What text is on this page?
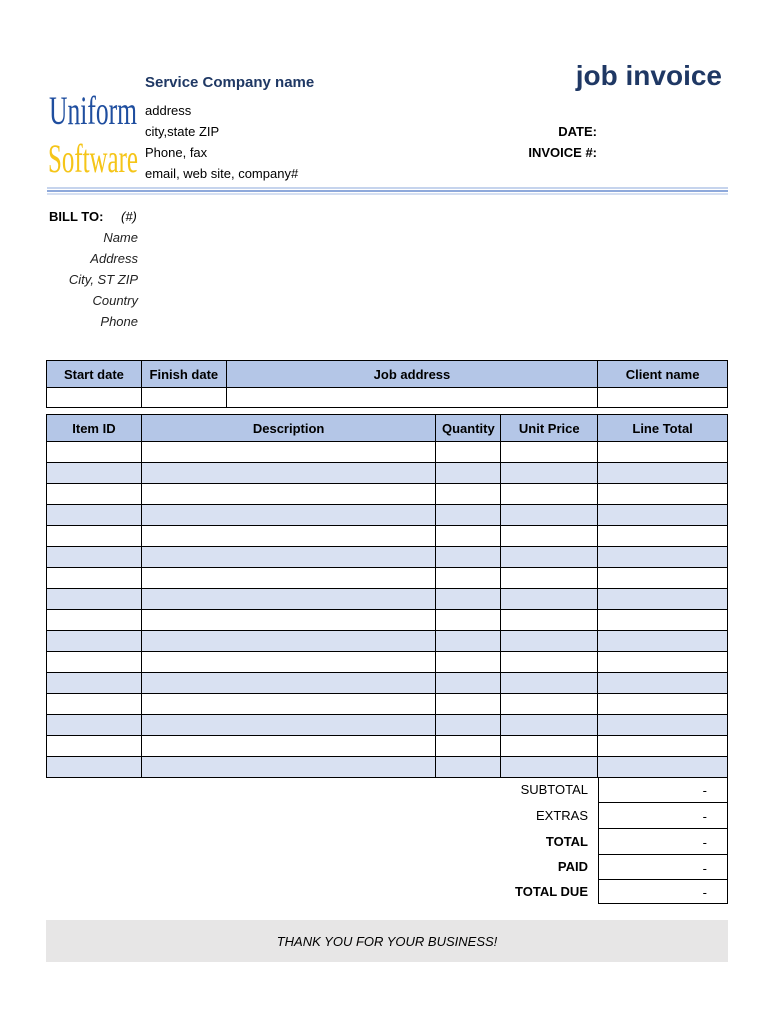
Uniform
Software
Service Company name
address
city,state ZIP
Phone, fax
email, web site, company#
job invoice
DATE:
INVOICE #:
BILL TO: (#)
Name
Address
City, ST ZIP
Country
Phone
Start date	Finish date	Job address	Client name

Item ID	Description	Quantity	Unit Price	Line Total

SUBTOTAL	-
EXTRAS	-
TOTAL	-
PAID	-
TOTAL DUE	-
THANK YOU FOR YOUR BUSINESS!
